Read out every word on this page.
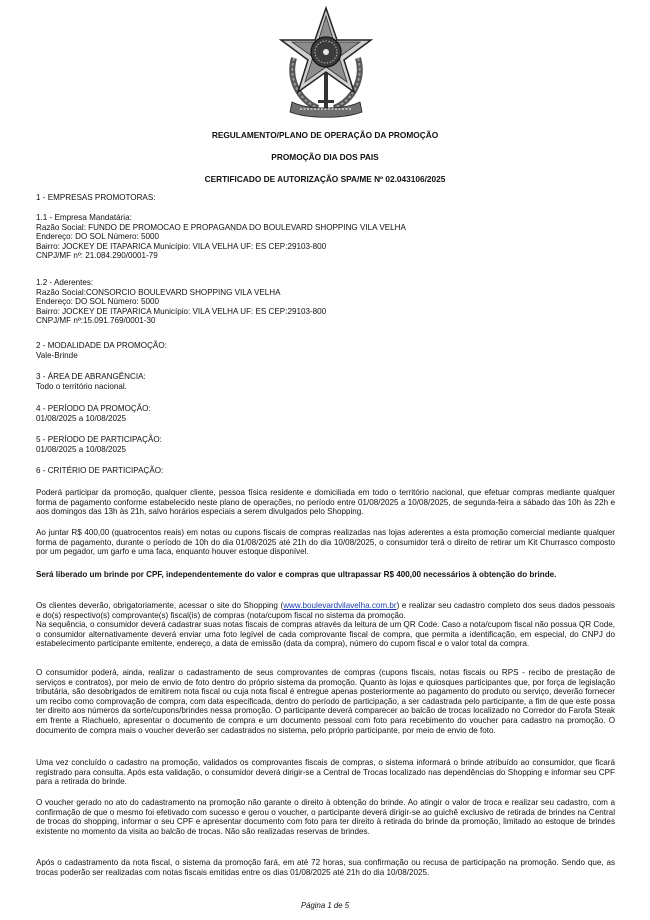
REGULAMENTO/PLANO DE OPERAÇÃO DA PROMOÇÃO
PROMOÇÃO DIA DOS PAIS
CERTIFICADO DE AUTORIZAÇÃO SPA/ME Nº 02.043106/2025
1 - EMPRESAS PROMOTORAS:
1.1 - Empresa Mandatária:
Razão Social: FUNDO DE PROMOCAO E PROPAGANDA DO BOULEVARD SHOPPING VILA VELHA
Endereço: DO SOL Número: 5000
Bairro: JOCKEY DE ITAPARICA Município: VILA VELHA UF: ES CEP:29103-800
CNPJ/MF nº: 21.084.290/0001-79
1.2 - Aderentes:
Razão Social:CONSORCIO BOULEVARD SHOPPING VILA VELHA
Endereço: DO SOL Número: 5000
Bairro: JOCKEY DE ITAPARICA Município: VILA VELHA UF: ES CEP:29103-800
CNPJ/MF nº:15.091.769/0001-30
2 - MODALIDADE DA PROMOÇÃO:
Vale-Brinde
3 - ÁREA DE ABRANGÊNCIA:
Todo o território nacional.
4 - PERÍODO DA PROMOÇÃO:
01/08/2025 a 10/08/2025
5 - PERÍODO DE PARTICIPAÇÃO:
01/08/2025 a 10/08/2025
6 - CRITÉRIO DE PARTICIPAÇÃO:
Poderá participar da promoção, qualquer cliente, pessoa física residente e domiciliada em todo o território nacional, que efetuar compras mediante qualquer forma de pagamento conforme estabelecido neste plano de operações, no período entre 01/08/2025 a 10/08/2025, de segunda-feira a sábado das 10h às 22h e aos domingos das 13h às 21h, salvo horários especiais a serem divulgados pelo Shopping.
Ao juntar R$ 400,00 (quatrocentos reais) em notas ou cupons fiscais de compras realizadas nas lojas aderentes a esta promoção comercial mediante qualquer forma de pagamento, durante o período de 10h do dia 01/08/2025 até 21h do dia 10/08/2025, o consumidor terá o direito de retirar um Kit Churrasco composto por um pegador, um garfo e uma faca, enquanto houver estoque disponível.
Será liberado um brinde por CPF, independentemente do valor e compras que ultrapassar R$ 400,00 necessários à obtenção do brinde.
Os clientes deverão, obrigatoriamente, acessar o site do Shopping (www.boulevardvilavelha.com.br) e realizar seu cadastro completo dos seus dados pessoais e do(s) respectivo(s) comprovante(s) fiscal(is) de compras (nota/cupom fiscal no sistema da promoção.
Na sequência, o consumidor deverá cadastrar suas notas fiscais de compras através da leitura de um QR Code. Caso a nota/cupom fiscal não possua QR Code, o consumidor alternativamente deverá enviar uma foto legível de cada comprovante fiscal de compra, que permita a identificação, em especial, do CNPJ do estabelecimento participante emitente, endereço, a data de emissão (data da compra), número do cupom fiscal e o valor total da compra.
O consumidor poderá, ainda, realizar o cadastramento de seus comprovantes de compras (cupons fiscais, notas fiscais ou RPS - recibo de prestação de serviços e contratos), por meio de envio de foto dentro do próprio sistema da promoção. Quanto às lojas e quiosques participantes que, por força de legislação tributária, são desobrigados de emitirem nota fiscal ou cuja nota fiscal é entregue apenas posteriormente ao pagamento do produto ou serviço, deverão fornecer um recibo como comprovação de compra, com data especificada, dentro do período de participação, a ser cadastrada pelo participante, a fim de que este possa ter direito aos números da sorte/cupons/brindes nessa promoção. O participante deverá comparecer ao balcão de trocas localizado no Corredor do Farofa Steak em frente a Riachuelo, apresentar o documento de compra e um documento pessoal com foto para recebimento do voucher para cadastro na promoção. O documento de compra mais o voucher deverão ser cadastrados no sistema, pelo próprio participante, por meio de envio de foto.
Uma vez concluído o cadastro na promoção, validados os comprovantes fiscais de compras, o sistema informará o brinde atribuído ao consumidor, que ficará registrado para consulta. Após esta validação, o consumidor deverá dirigir-se a Central de Trocas localizado nas dependências do Shopping e informar seu CPF para a retirada do brinde.
O voucher gerado no ato do cadastramento na promoção não garante o direito à obtenção do brinde. Ao atingir o valor de troca e realizar seu cadastro, com a confirmação de que o mesmo foi efetivado com sucesso e gerou o voucher, o participante deverá dirigir-se ao guichê exclusivo de retirada de brindes na Central de trocas do shopping, informar o seu CPF e apresentar documento com foto para ter direito à retirada do brinde da promoção, limitado ao estoque de brindes existente no momento da visita ao balcão de trocas. Não são realizadas reservas de brindes.
Após o cadastramento da nota fiscal, o sistema da promoção fará, em até 72 horas, sua confirmação ou recusa de participação na promoção. Sendo que, as trocas poderão ser realizadas com notas fiscais emitidas entre os dias 01/08/2025 até 21h do dia 10/08/2025.
Página 1 de 5
